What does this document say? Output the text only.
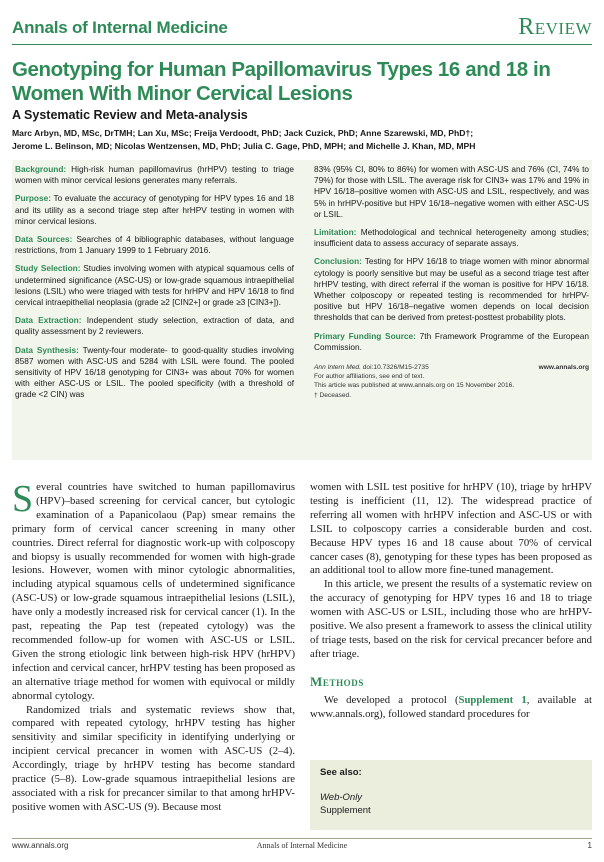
Annals of Internal Medicine	Review
Genotyping for Human Papillomavirus Types 16 and 18 in Women With Minor Cervical Lesions
A Systematic Review and Meta-analysis
Marc Arbyn, MD, MSc, DrTMH; Lan Xu, MSc; Freija Verdoodt, PhD; Jack Cuzick, PhD; Anne Szarewski, MD, PhD†;
Jerome L. Belinson, MD; Nicolas Wentzensen, MD, PhD; Julia C. Gage, PhD, MPH; and Michelle J. Khan, MD, MPH

Background: High-risk human papillomavirus (hrHPV) testing to triage women with minor cervical lesions generates many referrals.

Purpose: To evaluate the accuracy of genotyping for HPV types 16 and 18 and its utility as a second triage step after hrHPV testing in women with minor cervical lesions.

Data Sources: Searches of 4 bibliographic databases, without language restrictions, from 1 January 1999 to 1 February 2016.

Study Selection: Studies involving women with atypical squamous cells of undetermined significance (ASC-US) or low-grade squamous intraepithelial lesions (LSIL) who were triaged with tests for hrHPV and HPV 16/18 to find cervical intraepithelial neoplasia (grade ≥2 [CIN2+] or grade ≥3 [CIN3+]).

Data Extraction: Independent study selection, extraction of data, and quality assessment by 2 reviewers.

Data Synthesis: Twenty-four moderate- to good-quality studies involving 8587 women with ASC-US and 5284 with LSIL were found. The pooled sensitivity of HPV 16/18 genotyping for CIN3+ was about 70% for women with either ASC-US or LSIL. The pooled specificity (with a threshold of grade <2 CIN) was

83% (95% CI, 80% to 86%) for women with ASC-US and 76% (CI, 74% to 79%) for those with LSIL. The average risk for CIN3+ was 17% and 19% in HPV 16/18–positive women with ASC-US and LSIL, respectively, and was 5% in hrHPV-positive but HPV 16/18–negative women with either ASC-US or LSIL.

Limitation: Methodological and technical heterogeneity among studies; insufficient data to assess accuracy of separate assays.

Conclusion: Testing for HPV 16/18 to triage women with minor abnormal cytology is poorly sensitive but may be useful as a second triage test after hrHPV testing, with direct referral if the woman is positive for HPV 16/18. Whether colposcopy or repeated testing is recommended for hrHPV-positive but HPV 16/18–negative women depends on local decision thresholds that can be derived from pretest-posttest probability plots.

Primary Funding Source: 7th Framework Programme of the European Commission.

Ann Intern Med. doi:10.7326/M15-2735	www.annals.org
For author affiliations, see end of text.
This article was published at www.annals.org on 15 November 2016.
† Deceased.

Several countries have switched to human papillomavirus (HPV)–based screening for cervical cancer, but cytologic examination of a Papanicolaou (Pap) smear remains the primary form of cervical cancer screening in many other countries. Direct referral for diagnostic work-up with colposcopy and biopsy is usually recommended for women with high-grade lesions. However, women with minor cytologic abnormalities, including atypical squamous cells of undetermined significance (ASC-US) or low-grade squamous intraepithelial lesions (LSIL), have only a modestly increased risk for cervical cancer (1). In the past, repeating the Pap test (repeated cytology) was the recommended follow-up for women with ASC-US or LSIL. Given the strong etiologic link between high-risk HPV (hrHPV) infection and cervical cancer, hrHPV testing has been proposed as an alternative triage method for women with equivocal or mildly abnormal cytology.

Randomized trials and systematic reviews show that, compared with repeated cytology, hrHPV testing has higher sensitivity and similar specificity in identifying underlying or incipient cervical precancer in women with ASC-US (2–4). Accordingly, triage by hrHPV testing has become standard practice (5–8). Low-grade squamous intraepithelial lesions are associated with a risk for precancer similar to that among hrHPV-positive women with ASC-US (9). Because most

women with LSIL test positive for hrHPV (10), triage by hrHPV testing is inefficient (11, 12). The widespread practice of referring all women with hrHPV infection and ASC-US or with LSIL to colposcopy carries a considerable burden and cost. Because HPV types 16 and 18 cause about 70% of cervical cancer cases (8), genotyping for these types has been proposed as an additional tool to allow more fine-tuned management.

In this article, we present the results of a systematic review on the accuracy of genotyping for HPV types 16 and 18 to triage women with ASC-US or LSIL, including those who are hrHPV-positive. We also present a framework to assess the clinical utility of triage tests, based on the risk for cervical precancer before and after triage.

Methods

We developed a protocol (Supplement 1, available at www.annals.org), followed standard procedures for

See also:
Web-Only
Supplement
www.annals.org	Annals of Internal Medicine	1
